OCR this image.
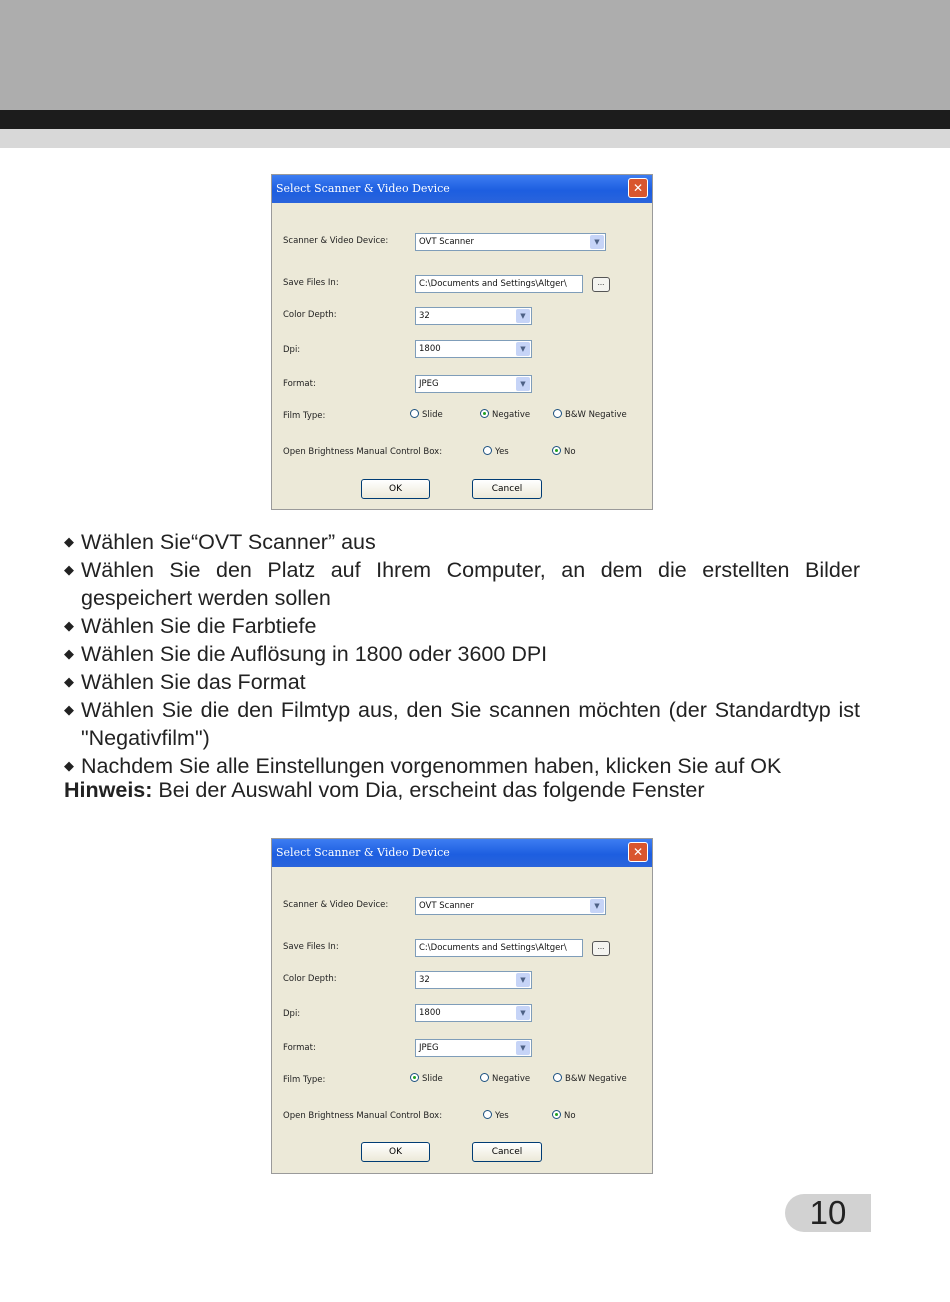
Select Scanner & Video Device	✕
Scanner & Video Device:	OVT Scanner	▼
Save Files In:	C:\Documents and Settings\Altger\	...
Color Depth:	32	▼
Dpi:	1800	▼
Format:	JPEG	▼
Film Type:	Slide	Negative	B&W Negative
Open Brightness Manual Control Box:	Yes	No
OK	Cancel
◆ Wählen Sie“OVT Scanner” aus
◆ Wählen Sie den Platz auf Ihrem Computer, an dem die erstellten Bilder gespeichert werden sollen
◆ Wählen Sie die Farbtiefe
◆ Wählen Sie die Auflösung in 1800 oder 3600 DPI
◆ Wählen Sie das Format
◆ Wählen Sie die den Filmtyp aus, den Sie scannen möchten (der Standardtyp ist "Negativfilm")
◆ Nachdem Sie alle Einstellungen vorgenommen haben, klicken Sie auf OK
Hinweis: Bei der Auswahl vom Dia, erscheint das folgende Fenster
Select Scanner & Video Device	✕
Scanner & Video Device:	OVT Scanner	▼
Save Files In:	C:\Documents and Settings\Altger\	...
Color Depth:	32	▼
Dpi:	1800	▼
Format:	JPEG	▼
Film Type:	Slide	Negative	B&W Negative
Open Brightness Manual Control Box:	Yes	No
OK	Cancel
10
